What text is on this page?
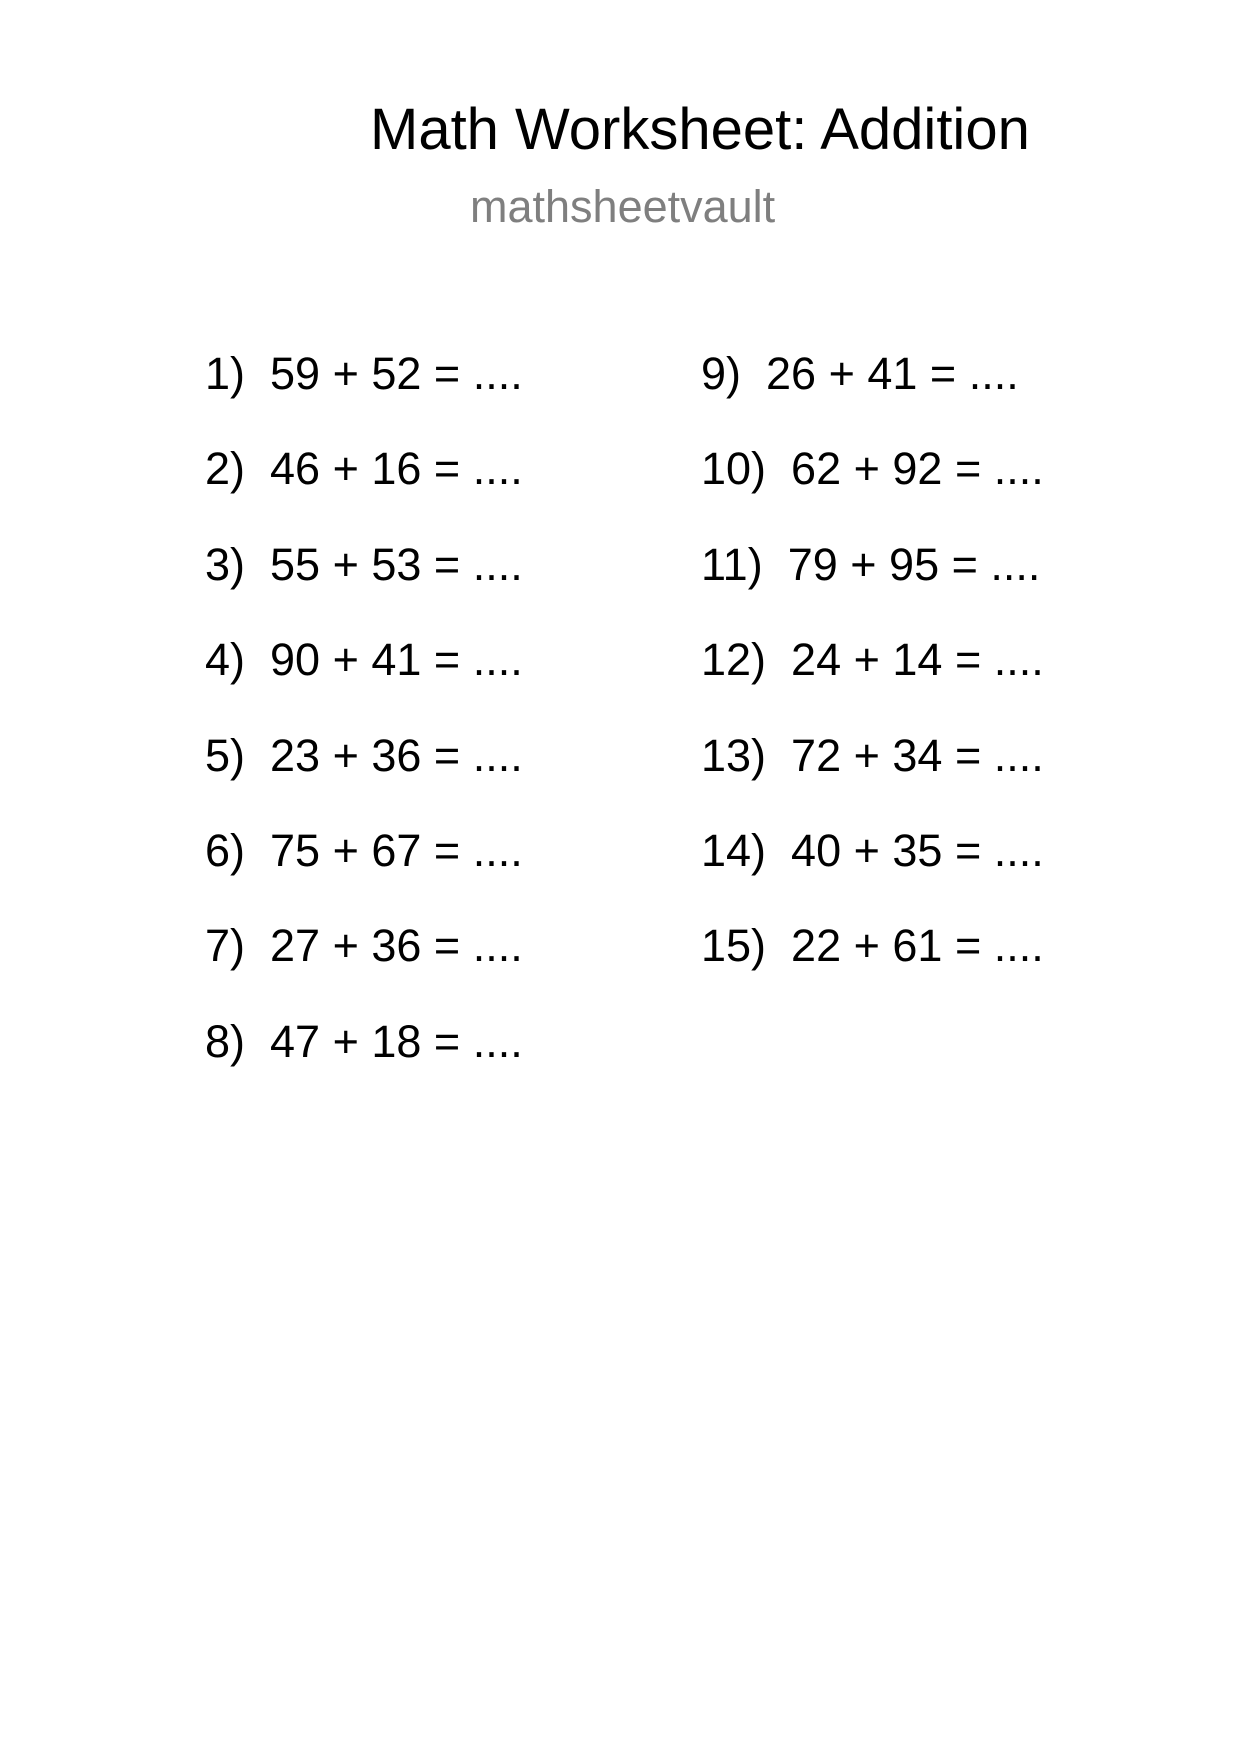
Math Worksheet: Addition
mathsheetvault
1) 59 + 52 = ....
2) 46 + 16 = ....
3) 55 + 53 = ....
4) 90 + 41 = ....
5) 23 + 36 = ....
6) 75 + 67 = ....
7) 27 + 36 = ....
8) 47 + 18 = ....
9) 26 + 41 = ....
10) 62 + 92 = ....
11) 79 + 95 = ....
12) 24 + 14 = ....
13) 72 + 34 = ....
14) 40 + 35 = ....
15) 22 + 61 = ....
